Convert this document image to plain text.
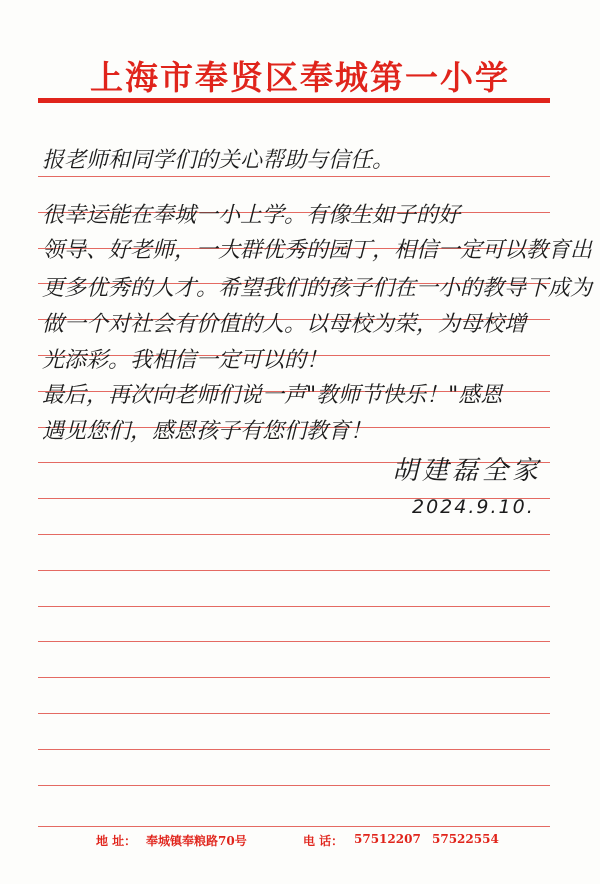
上海市奉贤区奉城第一小学
报老师和同学们的关心帮助与信任。
很幸运能在奉城一小上学。有像生如子的好
领导、好老师，一大群优秀的园丁，相信一定可以教育出
更多优秀的人才。希望我们的孩子们在一小的教导下成为
做一个对社会有价值的人。以母校为荣，为母校增
光添彩。我相信一定可以的！
最后，再次向老师们说一声"教师节快乐！"感恩
遇见您们，感恩孩子有您们教育！
胡建磊全家
2024.9.10.
地 址： 奉城镇奉粮路70号	电 话： 57512207 57522554
